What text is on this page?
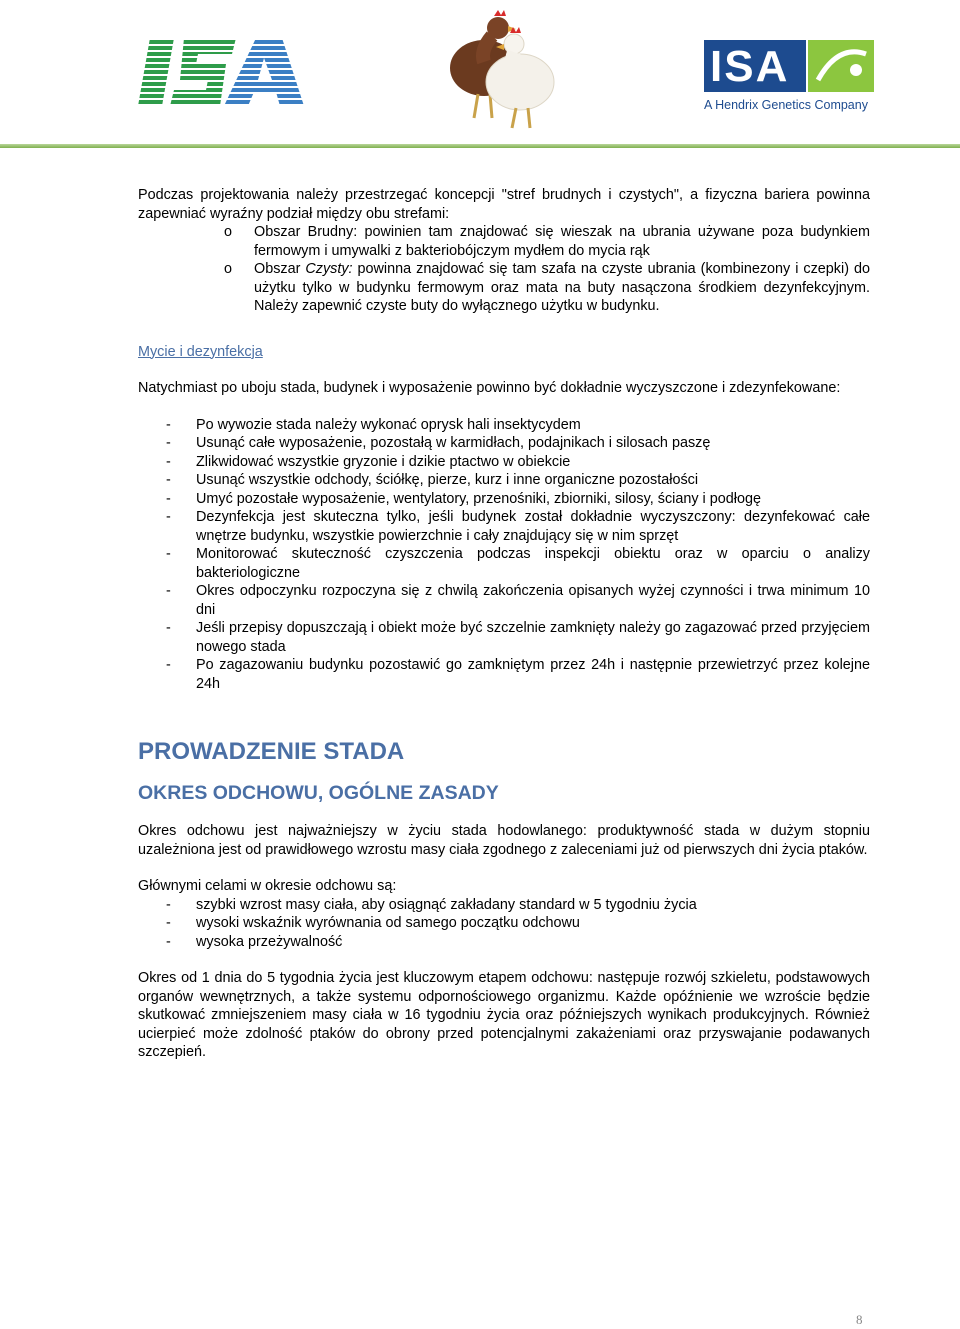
ISA
A Hendrix Genetics Company

Podczas projektowania należy przestrzegać koncepcji "stref brudnych i czystych", a fizyczna bariera powinna zapewniać wyraźny podział między obu strefami:

o Obszar Brudny: powinien tam znajdować się wieszak na ubrania używane poza budynkiem fermowym i umywalki z bakteriobójczym mydłem do mycia rąk
o Obszar Czysty: powinna znajdować się tam szafa na czyste ubrania (kombinezony i czepki) do użytku tylko w budynku fermowym oraz mata na buty nasączona środkiem dezynfekcyjnym. Należy zapewnić czyste buty do wyłącznego użytku w budynku.

Mycie i dezynfekcja

Natychmiast po uboju stada, budynek i wyposażenie powinno być dokładnie wyczyszczone i zdezynfekowane:

- Po wywozie stada należy wykonać oprysk hali insektycydem
- Usunąć całe wyposażenie, pozostałą w karmidłach, podajnikach i silosach paszę
- Zlikwidować wszystkie gryzonie i dzikie ptactwo w obiekcie
- Usunąć wszystkie odchody, ściółkę, pierze, kurz i inne organiczne pozostałości
- Umyć pozostałe wyposażenie, wentylatory, przenośniki, zbiorniki, silosy, ściany i podłogę
- Dezynfekcja jest skuteczna tylko, jeśli budynek został dokładnie wyczyszczony: dezynfekować całe wnętrze budynku, wszystkie powierzchnie i cały znajdujący się w nim sprzęt
- Monitorować skuteczność czyszczenia podczas inspekcji obiektu oraz w oparciu o analizy bakteriologiczne
- Okres odpoczynku rozpoczyna się z chwilą zakończenia opisanych wyżej czynności i trwa minimum 10 dni
- Jeśli przepisy dopuszczają i obiekt może być szczelnie zamknięty należy go zagazować przed przyjęciem nowego stada
- Po zagazowaniu budynku pozostawić go zamkniętym przez 24h i następnie przewietrzyć przez kolejne 24h
PROWADZENIE STADA
OKRES ODCHOWU, OGÓLNE ZASADY

Okres odchowu jest najważniejszy w życiu stada hodowlanego: produktywność stada w dużym stopniu uzależniona jest od prawidłowego wzrostu masy ciała zgodnego z zaleceniami już od pierwszych dni życia ptaków.

Głównymi celami w okresie odchowu są:

- szybki wzrost masy ciała, aby osiągnąć zakładany standard w 5 tygodniu życia
- wysoki wskaźnik wyrównania od samego początku odchowu
- wysoka przeżywalność

Okres od 1 dnia do 5 tygodnia życia jest kluczowym etapem odchowu: następuje rozwój szkieletu, podstawowych organów wewnętrznych, a także systemu odpornościowego organizmu. Każde opóźnienie we wzroście będzie skutkować zmniejszeniem masy ciała w 16 tygodniu życia oraz późniejszych wynikach produkcyjnych. Również ucierpieć może zdolność ptaków do obrony przed potencjalnymi zakażeniami oraz przyswajanie podawanych szczepień.

8
